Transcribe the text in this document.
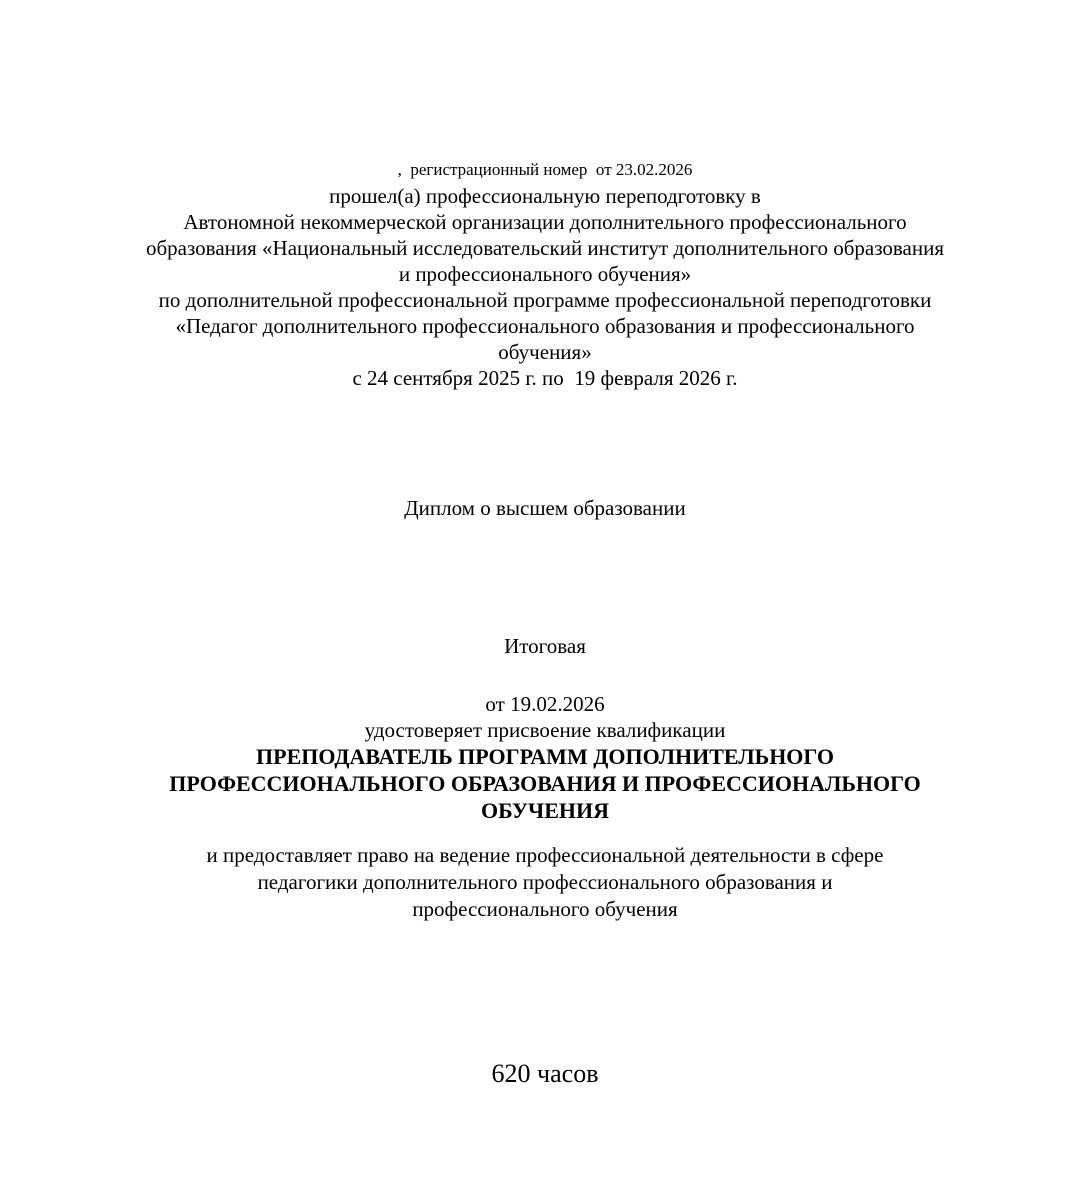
,  регистрационный номер  от 23.02.2026
прошел(а) профессиональную переподготовку в
Автономной некоммерческой организации дополнительного профессионального
образования «Национальный исследовательский институт дополнительного образования
и профессионального обучения»
по дополнительной профессиональной программе профессиональной переподготовки
«Педагог дополнительного профессионального образования и профессионального
обучения»
с 24 сентября 2025 г. по  19 февраля 2026 г.
Диплом о высшем образовании
Итоговая
от 19.02.2026
удостоверяет присвоение квалификации
ПРЕПОДАВАТЕЛЬ ПРОГРАММ ДОПОЛНИТЕЛЬНОГО
ПРОФЕССИОНАЛЬНОГО ОБРАЗОВАНИЯ И ПРОФЕССИОНАЛЬНОГО
ОБУЧЕНИЯ
и предоставляет право на ведение профессиональной деятельности в сфере
педагогики дополнительного профессионального образования и
профессионального обучения
620 часов
